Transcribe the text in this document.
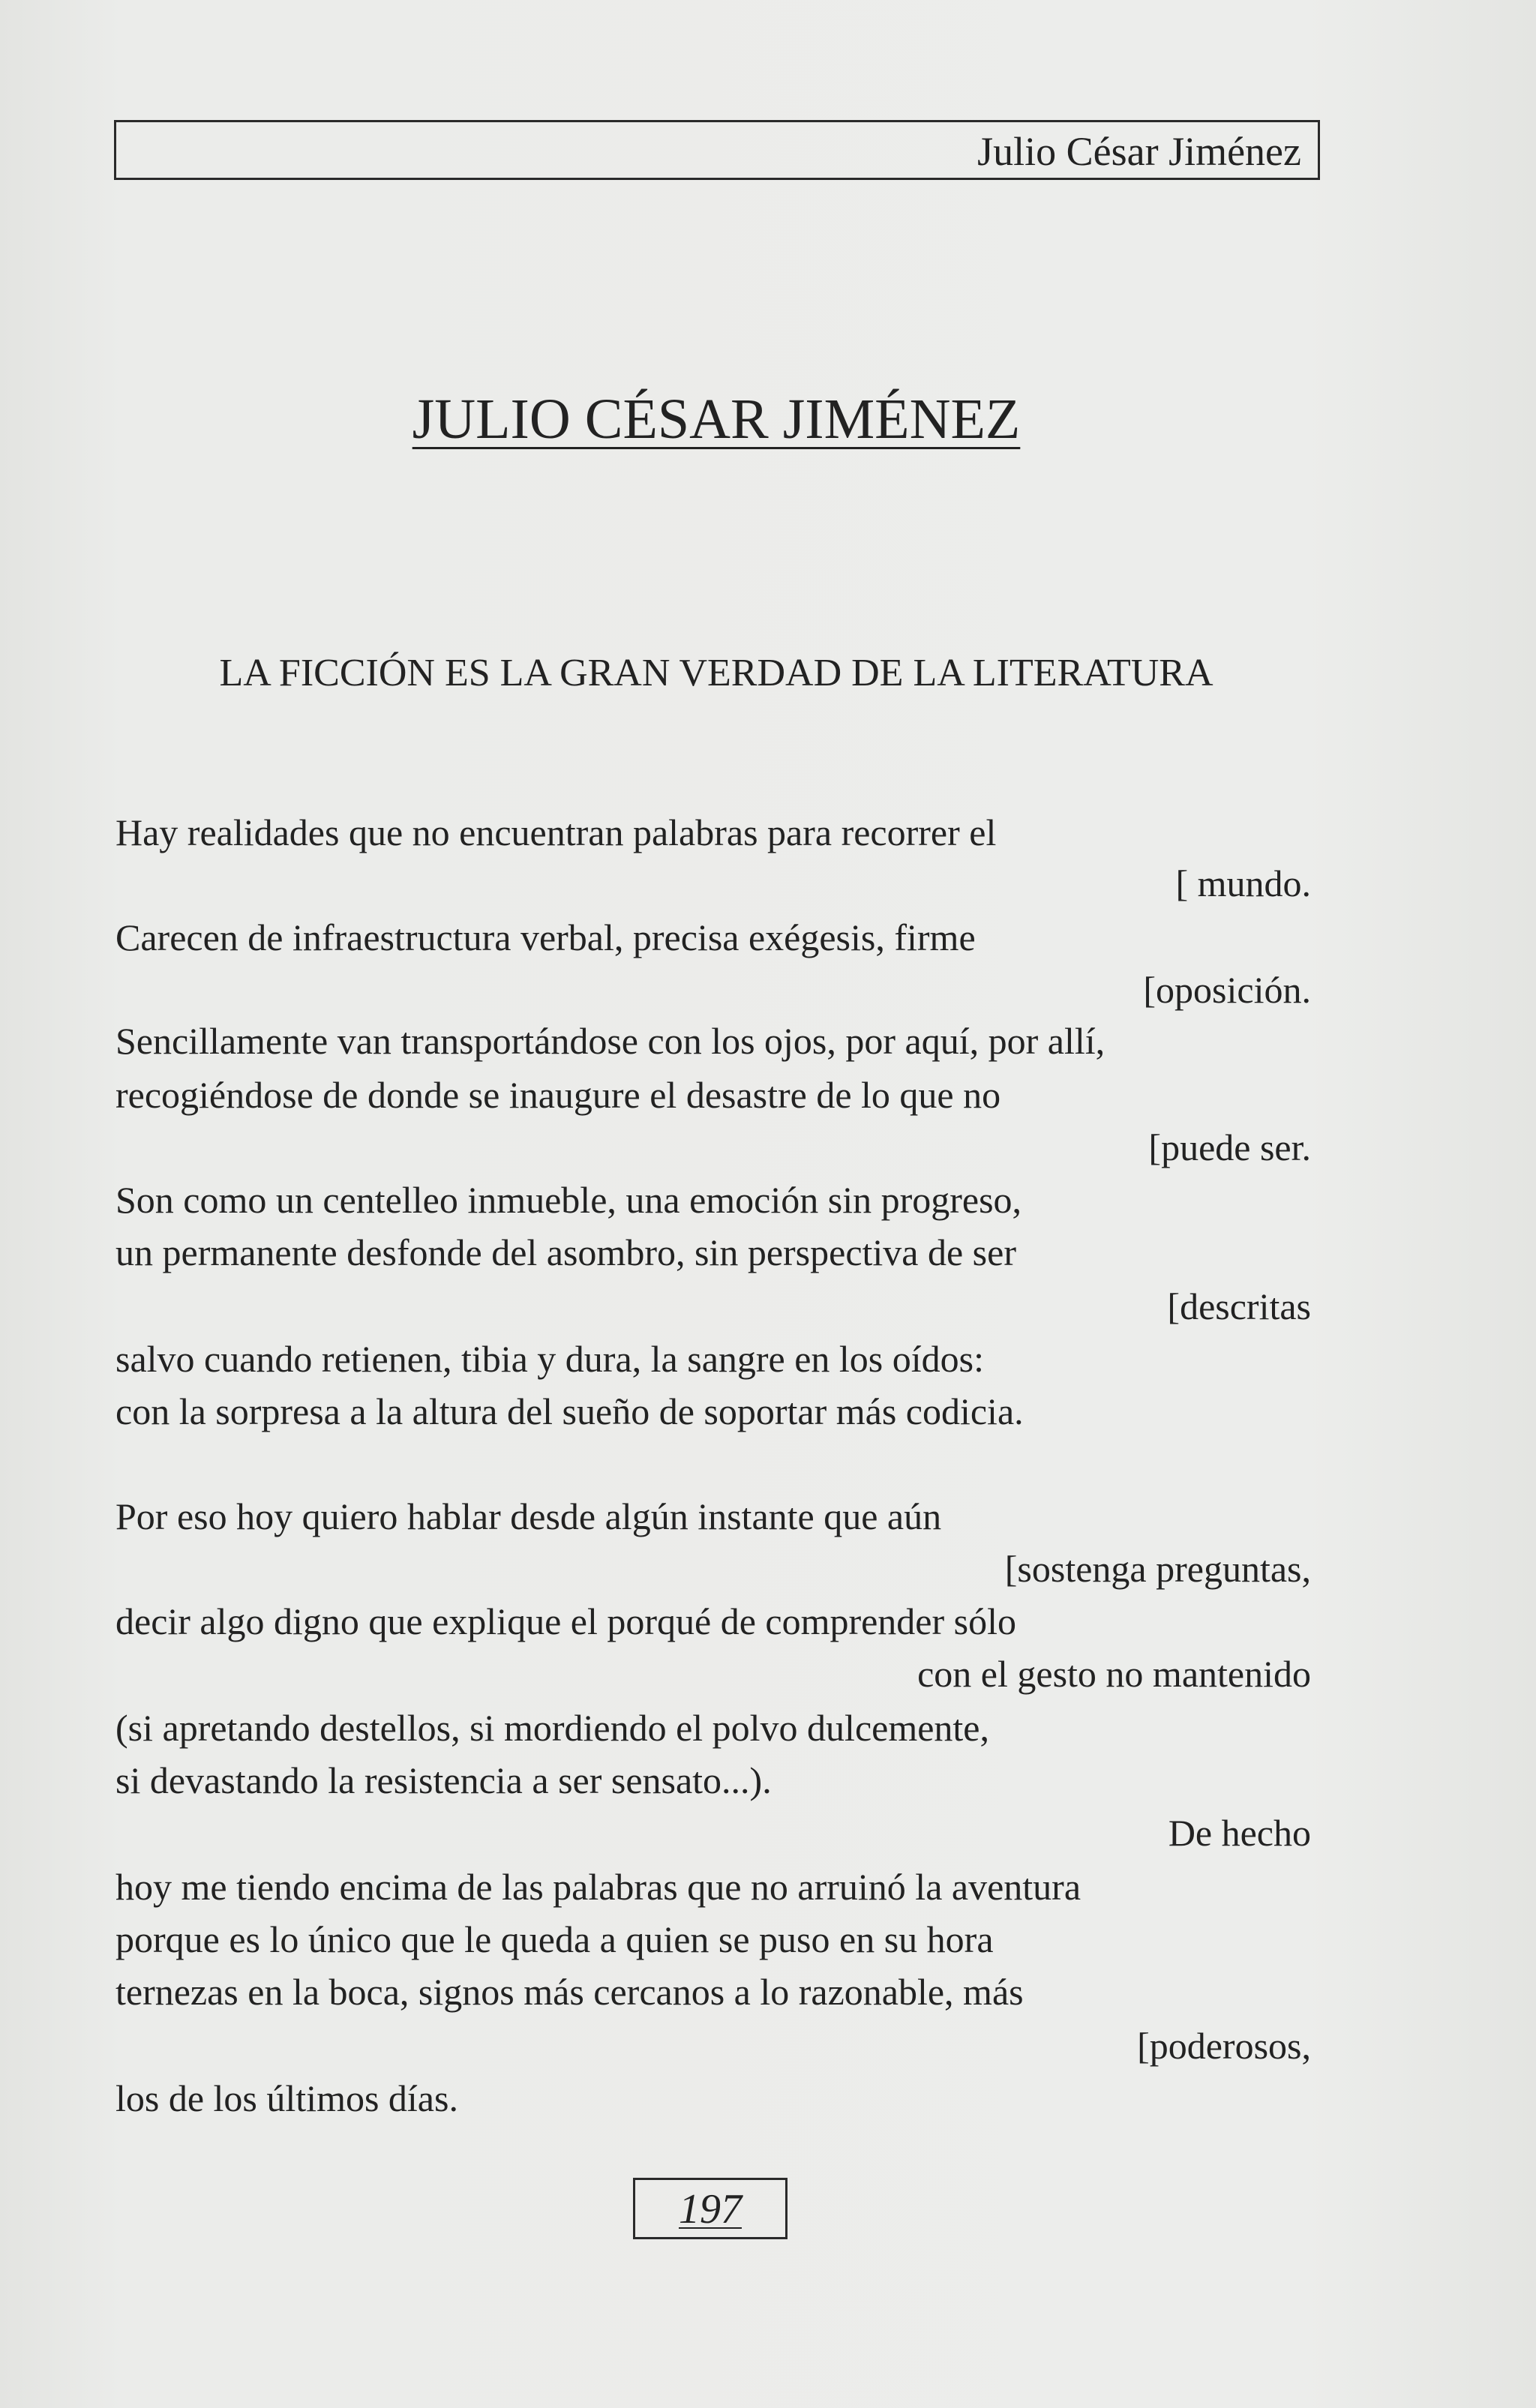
Julio César Jiménez
JULIO CÉSAR JIMÉNEZ
LA FICCIÓN ES LA GRAN VERDAD DE LA LITERATURA
Hay realidades que no encuentran palabras para recorrer el
[ mundo.
Carecen de infraestructura verbal, precisa exégesis, firme
[oposición.
Sencillamente van transportándose con los ojos, por aquí, por allí,
recogiéndose de donde se inaugure el desastre de lo que no
[puede ser.
Son como un centelleo inmueble, una emoción sin progreso,
un permanente desfonde del asombro, sin perspectiva de ser
[descritas
salvo cuando retienen, tibia y dura, la sangre en los oídos:
con la sorpresa a la altura del sueño de soportar más codicia.
Por eso hoy quiero hablar desde algún instante que aún
[sostenga preguntas,
decir algo digno que explique el porqué de comprender sólo
con el gesto no mantenido
(si apretando destellos, si mordiendo el polvo dulcemente,
si devastando la resistencia a ser sensato...).
De hecho
hoy me tiendo encima de las palabras que no arruinó la aventura
porque es lo único que le queda a quien se puso en su hora
ternezas en la boca, signos más cercanos a lo razonable, más
[poderosos,
los de los últimos días.
197
